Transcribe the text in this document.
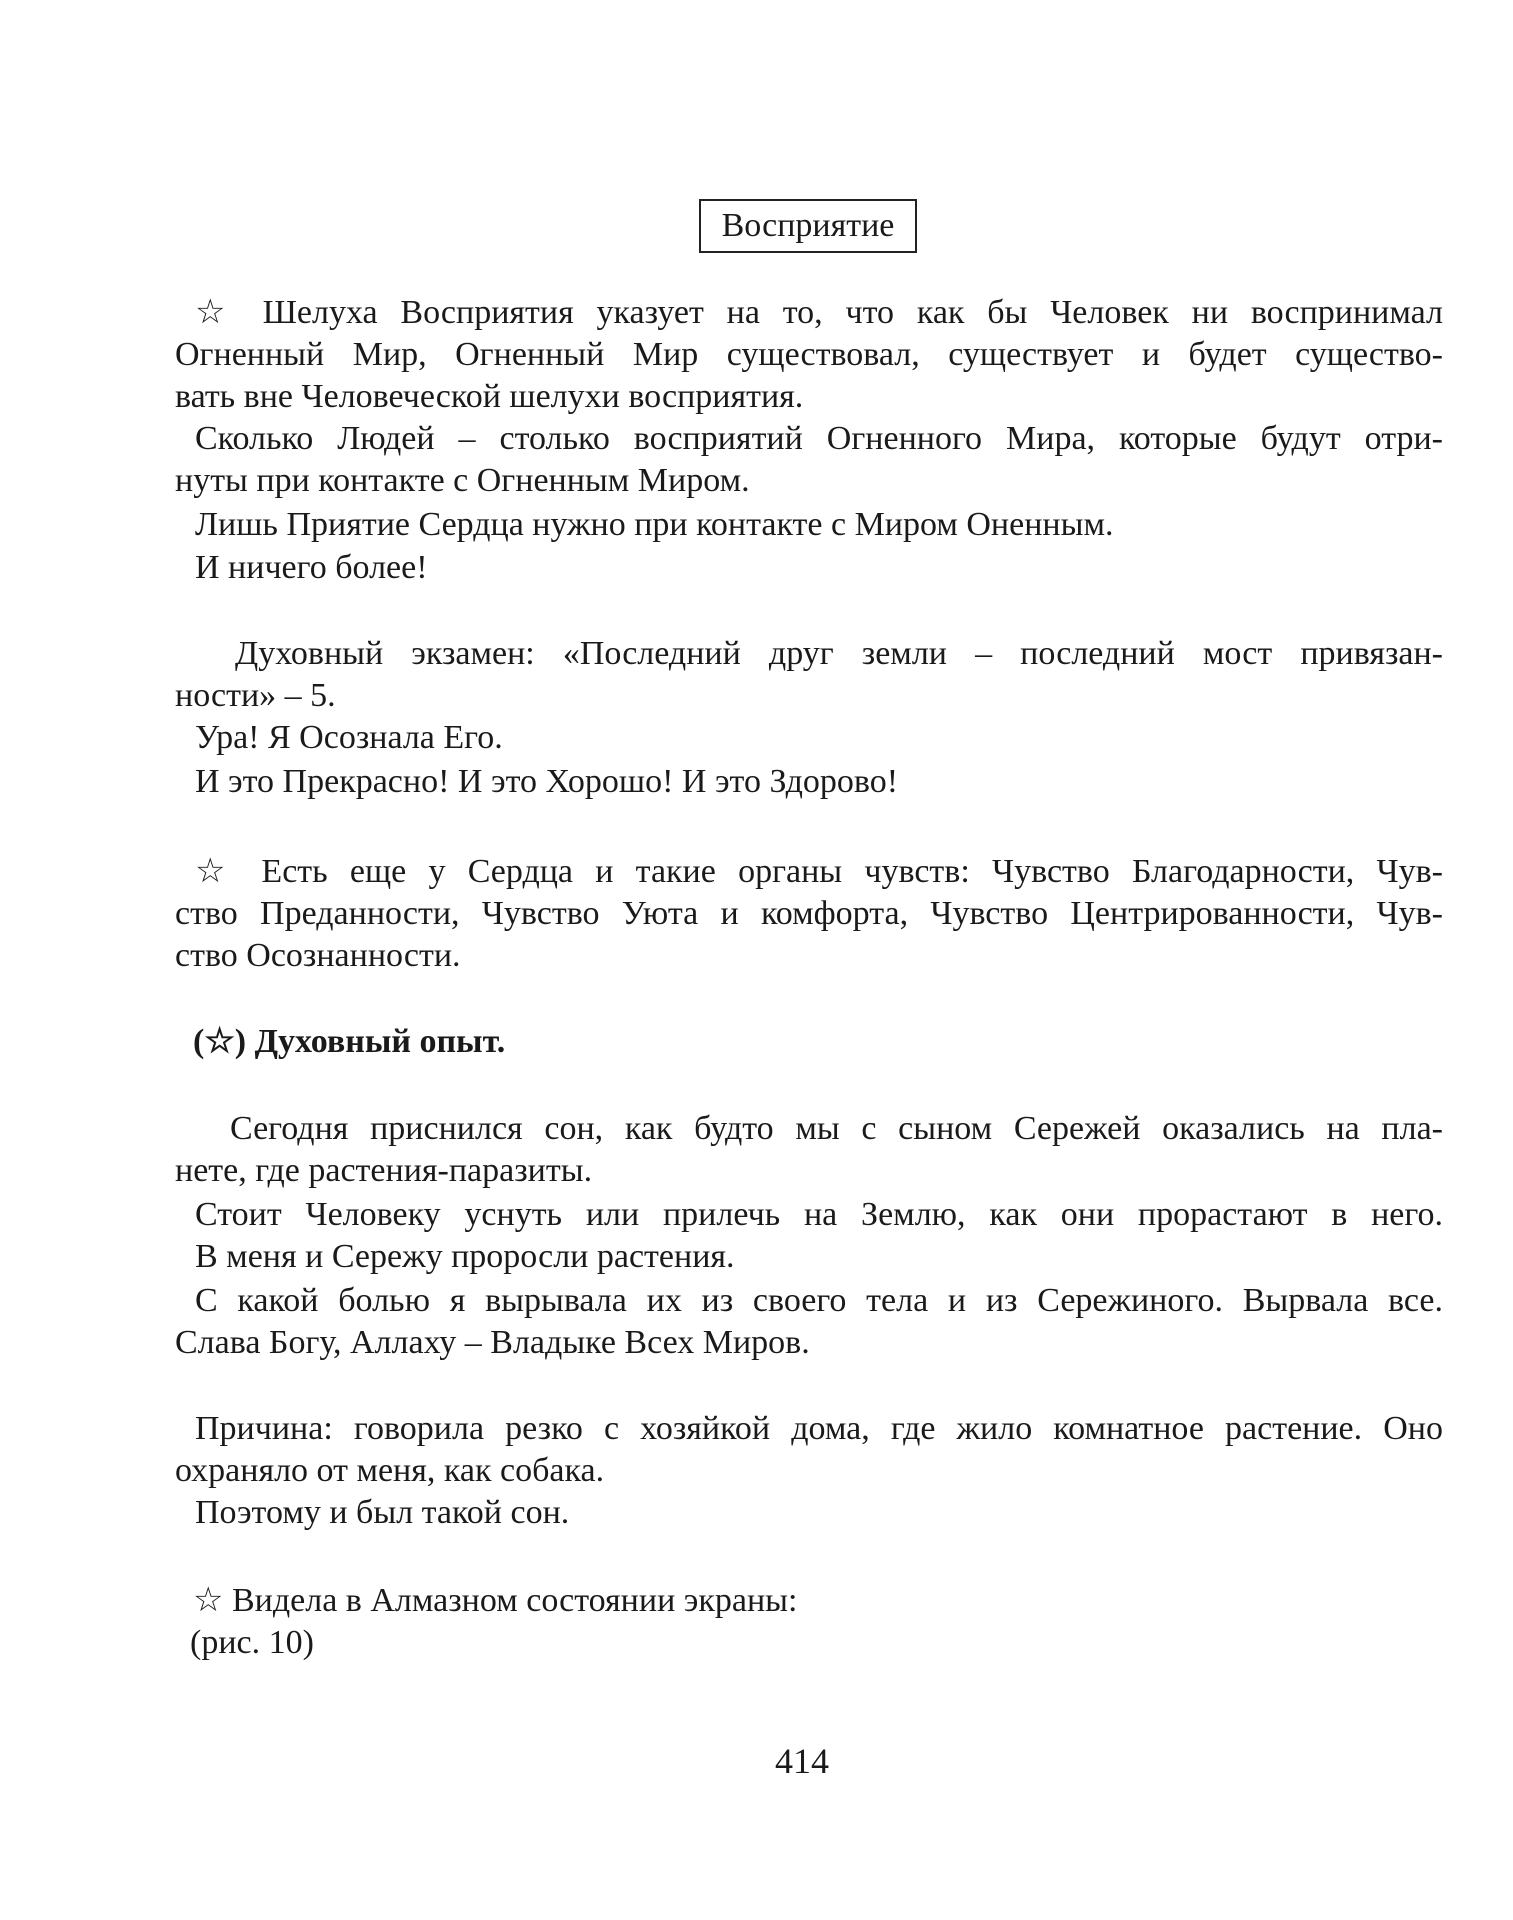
Восприятие
☆ Шелуха Восприятия указует на то, что как бы Человек ни воспринимал
Огненный Мир, Огненный Мир существовал, существует и будет существо-
вать вне Человеческой шелухи восприятия.
Сколько Людей – столько восприятий Огненного Мира, которые будут отри-
нуты при контакте с Огненным Миром.
Лишь Приятие Сердца нужно при контакте с Миром Оненным.
И ничего более!
Духовный экзамен: «Последний друг земли – последний мост привязан-
ности» – 5.
Ура! Я Осознала Его.
И это Прекрасно! И это Хорошо! И это Здорово!
☆ Есть еще у Сердца и такие органы чувств: Чувство Благодарности, Чув-
ство Преданности, Чувство Уюта и комфорта, Чувство Центрированности, Чув-
ство Осознанности.
(☆) Духовный опыт.
Сегодня приснился сон, как будто мы с сыном Сережей оказались на пла-
нете, где растения-паразиты.
Стоит Человеку уснуть или прилечь на Землю, как они прорастают в него.
В меня и Сережу проросли растения.
С какой болью я вырывала их из своего тела и из Сережиного. Вырвала все.
Слава Богу, Аллаху – Владыке Всех Миров.
Причина: говорила резко с хозяйкой дома, где жило комнатное растение. Оно
охраняло от меня, как собака.
Поэтому и был такой сон.
☆ Видела в Алмазном состоянии экраны:
(рис. 10)
414
